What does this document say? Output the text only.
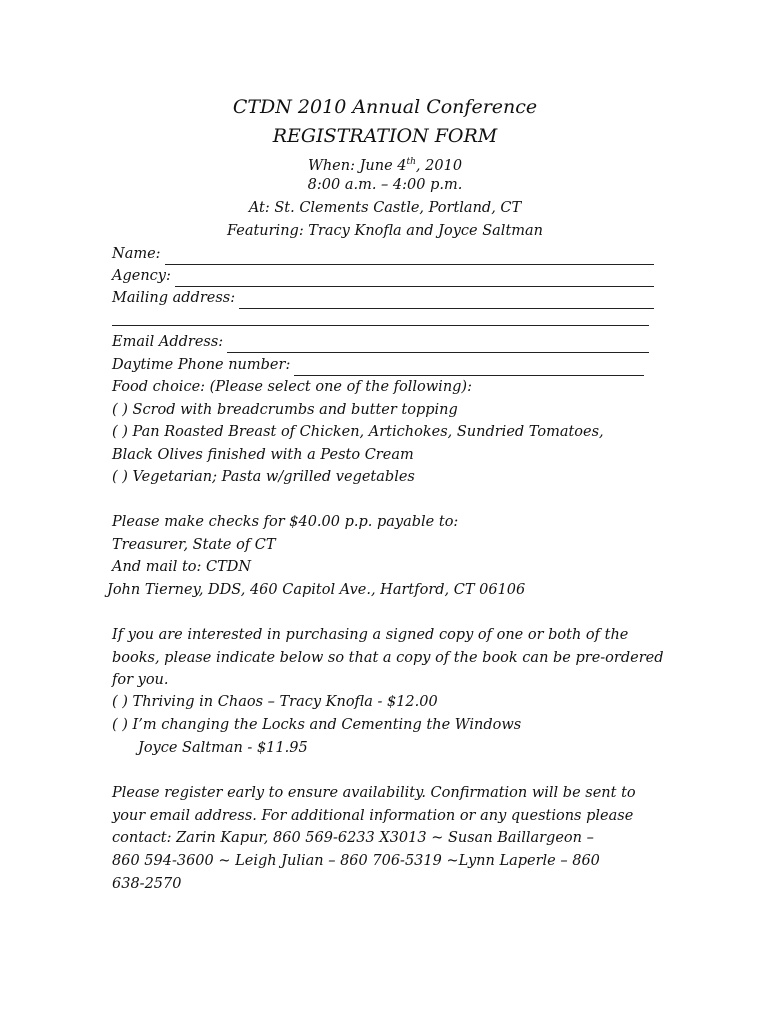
CTDN 2010 Annual Conference
REGISTRATION FORM
When: June 4th, 2010
8:00 a.m. – 4:00 p.m.
At: St. Clements Castle, Portland, CT
Featuring: Tracy Knofla and Joyce Saltman
Name:
Agency:
Mailing address:
Email Address:
Daytime Phone number:
Food choice: (Please select one of the following):
( ) Scrod with breadcrumbs and butter topping
( ) Pan Roasted Breast of Chicken, Artichokes, Sundried Tomatoes,
Black Olives finished with a Pesto Cream
( ) Vegetarian; Pasta w/grilled vegetables
Please make checks for $40.00 p.p. payable to:
Treasurer, State of CT
And mail to: CTDN
John Tierney, DDS, 460 Capitol Ave., Hartford, CT 06106
If you are interested in purchasing a signed copy of one or both of the
books, please indicate below so that a copy of the book can be pre-ordered
for you.
( ) Thriving in Chaos – Tracy Knofla - $12.00
( ) I’m changing the Locks and Cementing the Windows
Joyce Saltman - $11.95
Please register early to ensure availability. Confirmation will be sent to
your email address. For additional information or any questions please
contact: Zarin Kapur, 860 569-6233 X3013 ~ Susan Baillargeon –
860 594-3600 ~ Leigh Julian – 860 706-5319 ~Lynn Laperle – 860
638-2570
